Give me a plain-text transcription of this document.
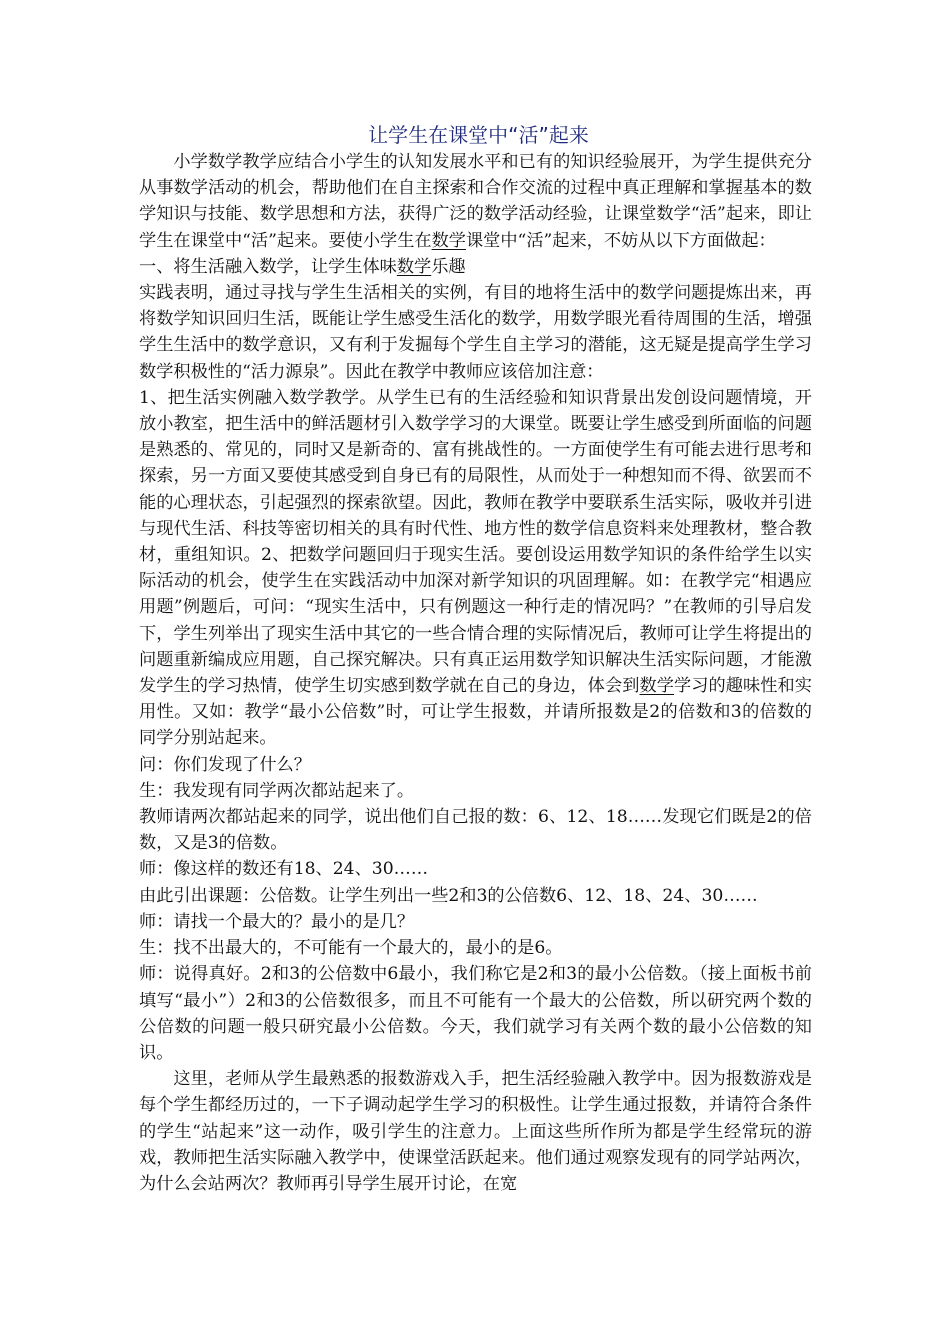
让学生在课堂中“活”起来

小学数学教学应结合小学生的认知发展水平和已有的知识经验展开，为学生提供充分从事数学活动的机会，帮助他们在自主探索和合作交流的过程中真正理解和掌握基本的数学知识与技能、数学思想和方法，获得广泛的数学活动经验，让课堂数学“活”起来，即让学生在课堂中“活”起来。要使小学生在数学课堂中“活”起来，不妨从以下方面做起：

一、将生活融入数学，让学生体味数学乐趣

实践表明，通过寻找与学生生活相关的实例，有目的地将生活中的数学问题提炼出来，再将数学知识回归生活，既能让学生感受生活化的数学，用数学眼光看待周围的生活，增强学生生活中的数学意识，又有利于发掘每个学生自主学习的潜能，这无疑是提高学生学习数学积极性的“活力源泉”。因此在教学中教师应该倍加注意：

1、把生活实例融入数学教学。从学生已有的生活经验和知识背景出发创设问题情境，开放小教室，把生活中的鲜活题材引入数学学习的大课堂。既要让学生感受到所面临的问题是熟悉的、常见的，同时又是新奇的、富有挑战性的。一方面使学生有可能去进行思考和探索，另一方面又要使其感受到自身已有的局限性，从而处于一种想知而不得、欲罢而不能的心理状态，引起强烈的探索欲望。因此，教师在教学中要联系生活实际，吸收并引进与现代生活、科技等密切相关的具有时代性、地方性的数学信息资料来处理教材，整合教材，重组知识。2、把数学问题回归于现实生活。要创设运用数学知识的条件给学生以实际活动的机会，使学生在实践活动中加深对新学知识的巩固理解。如：在教学完“相遇应用题”例题后，可问：“现实生活中，只有例题这一种行走的情况吗？”在教师的引导启发下，学生列举出了现实生活中其它的一些合情合理的实际情况后，教师可让学生将提出的问题重新编成应用题，自己探究解决。只有真正运用数学知识解决生活实际问题，才能激发学生的学习热情，使学生切实感到数学就在自己的身边，体会到数学学习的趣味性和实用性。又如：教学“最小公倍数”时，可让学生报数，并请所报数是2的倍数和3的倍数的同学分别站起来。

问：你们发现了什么？

生：我发现有同学两次都站起来了。

教师请两次都站起来的同学，说出他们自己报的数：6、12、18……发现它们既是2的倍数，又是3的倍数。

师：像这样的数还有18、24、30……

由此引出课题：公倍数。让学生列出一些2和3的公倍数6、12、18、24、30……

师：请找一个最大的？最小的是几？

生：找不出最大的，不可能有一个最大的，最小的是6。

师：说得真好。2和3的公倍数中6最小，我们称它是2和3的最小公倍数。（接上面板书前填写“最小”）2和3的公倍数很多，而且不可能有一个最大的公倍数，所以研究两个数的公倍数的问题一般只研究最小公倍数。今天，我们就学习有关两个数的最小公倍数的知识。

这里，老师从学生最熟悉的报数游戏入手，把生活经验融入教学中。因为报数游戏是每个学生都经历过的，一下子调动起学生学习的积极性。让学生通过报数，并请符合条件的学生“站起来”这一动作，吸引学生的注意力。上面这些所作所为都是学生经常玩的游戏，教师把生活实际融入教学中，使课堂活跃起来。他们通过观察发现有的同学站两次，为什么会站两次？教师再引导学生展开讨论，在宽
